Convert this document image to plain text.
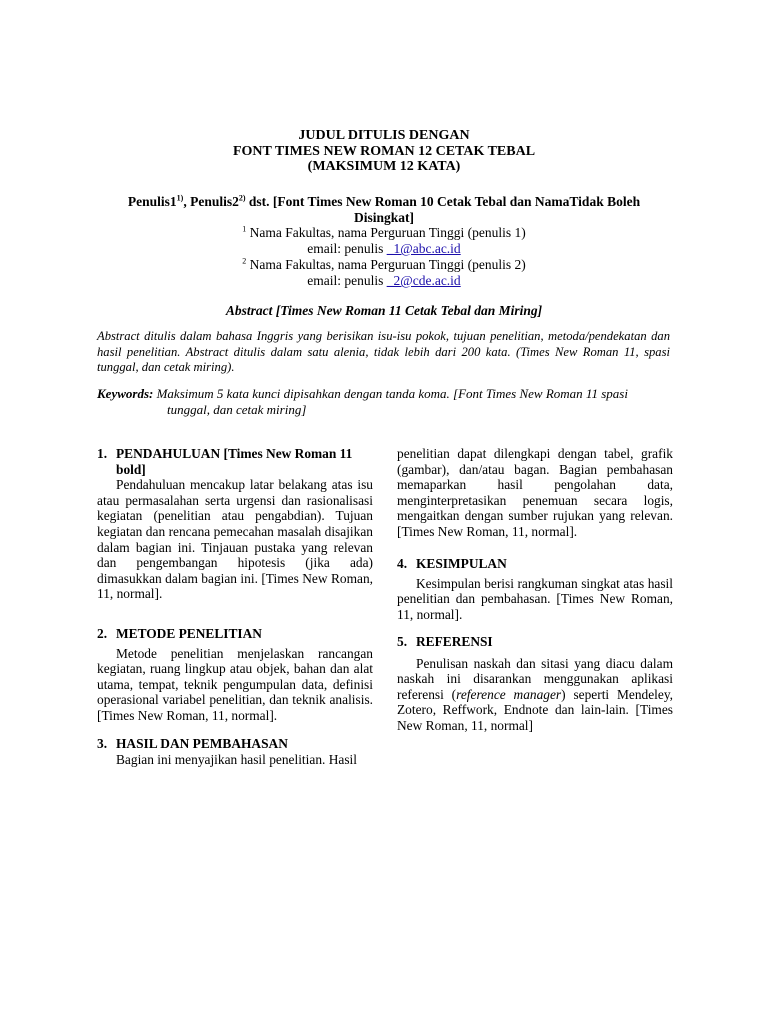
JUDUL DITULIS DENGAN
FONT TIMES NEW ROMAN 12 CETAK TEBAL
(MAKSIMUM 12 KATA)
Penulis1$^{1)}$, Penulis2$^{2)}$ dst. [Font Times New Roman 10 Cetak Tebal dan NamaTidak Boleh Disingkat]
$^1$ Nama Fakultas, nama Perguruan Tinggi (penulis 1)
email: penulis _1@abc.ac.id
$^2$ Nama Fakultas, nama Perguruan Tinggi (penulis 2)
email: penulis _2@cde.ac.id
Abstract [Times New Roman 11 Cetak Tebal dan Miring]
Abstract ditulis dalam bahasa Inggris yang berisikan isu-isu pokok, tujuan penelitian, metoda/pendekatan dan hasil penelitian. Abstract ditulis dalam satu alenia, tidak lebih dari 200 kata. (Times New Roman 11, spasi tunggal, dan cetak miring).
Keywords: Maksimum 5 kata kunci dipisahkan dengan tanda koma. [Font Times New Roman 11 spasi tunggal, dan cetak miring]

1. PENDAHULUAN [Times New Roman 11 bold]

Pendahuluan mencakup latar belakang atas isu atau permasalahan serta urgensi dan rasionalisasi kegiatan (penelitian atau pengabdian). Tujuan kegiatan dan rencana pemecahan masalah disajikan dalam bagian ini. Tinjauan pustaka yang relevan dan pengembangan hipotesis (jika ada) dimasukkan dalam bagian ini. [Times New Roman, 11, normal].

2. METODE PENELITIAN

Metode penelitian menjelaskan rancangan kegiatan, ruang lingkup atau objek, bahan dan alat utama, tempat, teknik pengumpulan data, definisi operasional variabel penelitian, dan teknik analisis. [Times New Roman, 11, normal].

3. HASIL DAN PEMBAHASAN

Bagian ini menyajikan hasil penelitian. Hasil

penelitian dapat dilengkapi dengan tabel, grafik (gambar), dan/atau bagan. Bagian pembahasan memaparkan hasil pengolahan data, menginterpretasikan penemuan secara logis, mengaitkan dengan sumber rujukan yang relevan. [Times New Roman, 11, normal].

4. KESIMPULAN

Kesimpulan berisi rangkuman singkat atas hasil penelitian dan pembahasan. [Times New Roman, 11, normal].

5. REFERENSI

Penulisan naskah dan sitasi yang diacu dalam naskah ini disarankan menggunakan aplikasi referensi (reference manager) seperti Mendeley, Zotero, Reffwork, Endnote dan lain-lain. [Times New Roman, 11, normal]
